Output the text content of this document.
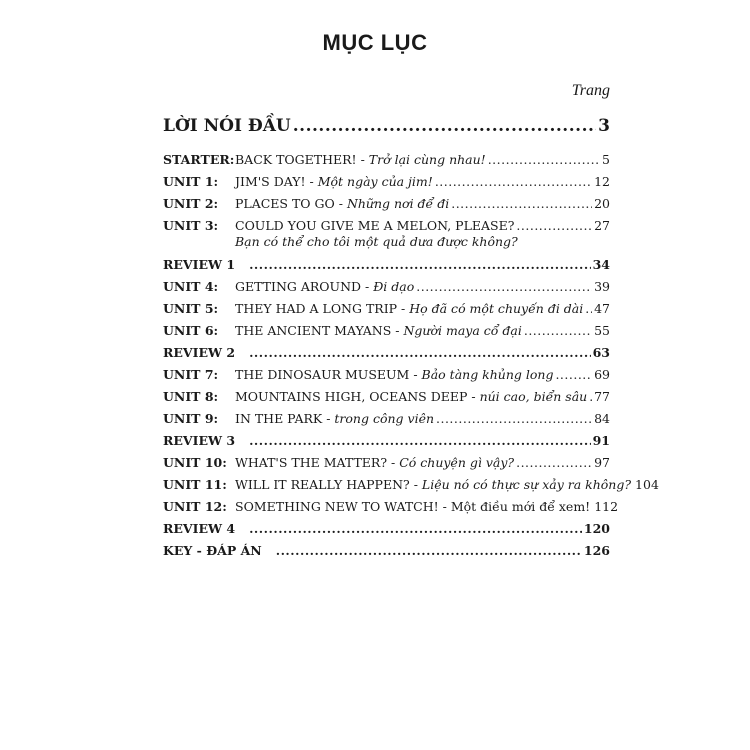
MỤC LỤC
Trang
LỜI NÓI ĐẦU .....	3
STARTER: BACK TOGETHER! - Trở lại cùng nhau! .....	5
UNIT 1:	JIM'S DAY! - Một ngày của jim! .....	12
UNIT 2:	PLACES TO GO - Những nơi để đi .....	20
UNIT 3:	COULD YOU GIVE ME A MELON, PLEASE? .....	27
Bạn có thể cho tôi một quả dưa được không?
REVIEW 1 .....	34
UNIT 4:	GETTING AROUND - Đi dạo .....	39
UNIT 5:	THEY HAD A LONG TRIP - Họ đã có một chuyến đi dài ..... 47
UNIT 6:	THE ANCIENT MAYANS - Người maya cổ đại .....	55
REVIEW 2 .....	63
UNIT 7:	THE DINOSAUR MUSEUM - Bảo tàng khủng long .....	69
UNIT 8:	MOUNTAINS HIGH, OCEANS DEEP - núi cao, biển sâu ..... 77
UNIT 9:	IN THE PARK - trong công viên .....	84
REVIEW 3 .....	91
UNIT 10: WHAT'S THE MATTER? - Có chuyện gì vậy? .....	97
UNIT 11: WILL IT REALLY HAPPEN? - Liệu nó có thực sự xảy ra không? 104
UNIT 12: SOMETHING NEW TO WATCH! - Một điều mới để xem! 112
REVIEW 4 .....	120
KEY - ĐÁP ÁN .....	126
